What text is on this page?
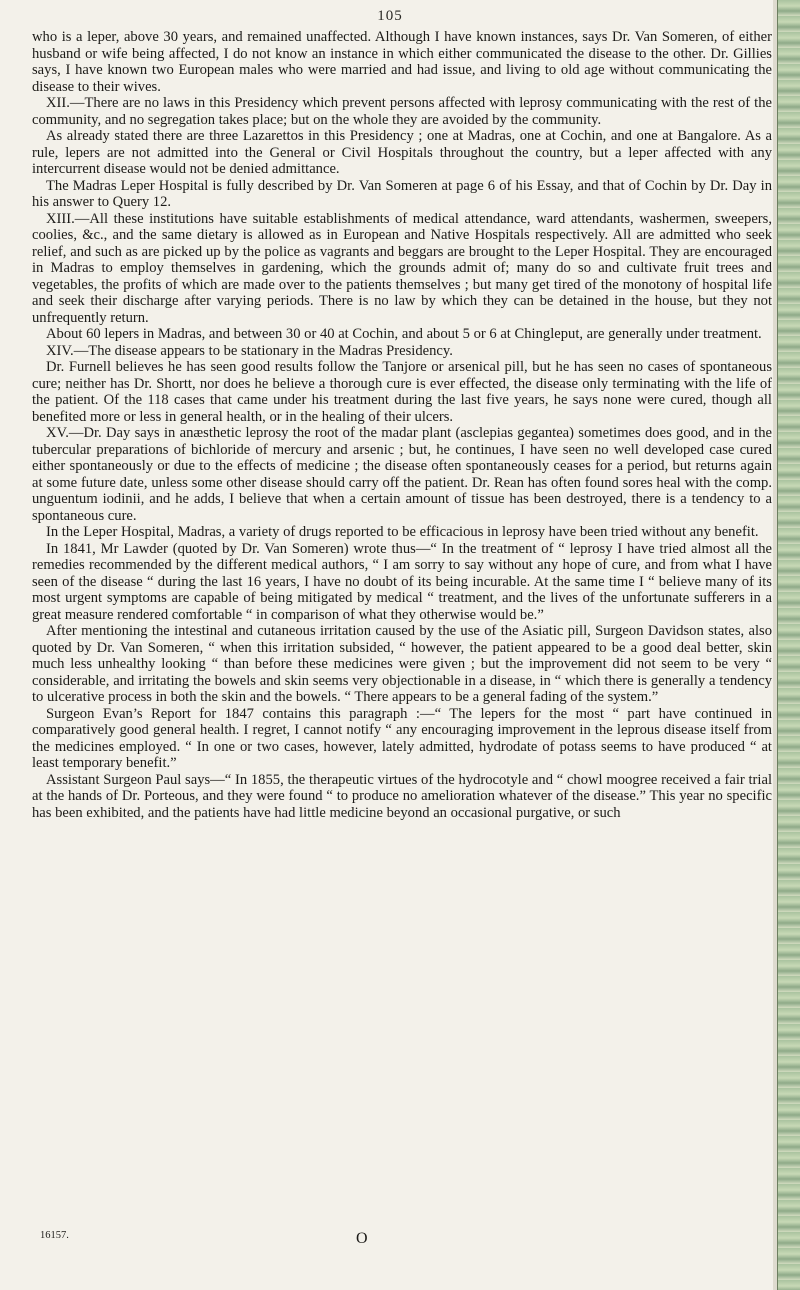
105

who is a leper, above 30 years, and remained unaffected. Although I have known instances, says Dr. Van Someren, of either husband or wife being affected, I do not know an instance in which either communicated the disease to the other. Dr. Gillies says, I have known two European males who were married and had issue, and living to old age without communicating the disease to their wives.

XII.—There are no laws in this Presidency which prevent persons affected with leprosy communicating with the rest of the community, and no segregation takes place; but on the whole they are avoided by the community.

As already stated there are three Lazarettos in this Presidency ; one at Madras, one at Cochin, and one at Bangalore. As a rule, lepers are not admitted into the General or Civil Hospitals throughout the country, but a leper affected with any intercurrent disease would not be denied admittance.

The Madras Leper Hospital is fully described by Dr. Van Someren at page 6 of his Essay, and that of Cochin by Dr. Day in his answer to Query 12.

XIII.—All these institutions have suitable establishments of medical attendance, ward attendants, washermen, sweepers, coolies, &c., and the same dietary is allowed as in European and Native Hospitals respectively. All are admitted who seek relief, and such as are picked up by the police as vagrants and beggars are brought to the Leper Hospital. They are encouraged in Madras to employ themselves in gardening, which the grounds admit of; many do so and cultivate fruit trees and vegetables, the profits of which are made over to the patients themselves ; but many get tired of the monotony of hospital life and seek their discharge after varying periods. There is no law by which they can be detained in the house, but they not unfrequently return.

About 60 lepers in Madras, and between 30 or 40 at Cochin, and about 5 or 6 at Chingleput, are generally under treatment.

XIV.—The disease appears to be stationary in the Madras Presidency.

Dr. Furnell believes he has seen good results follow the Tanjore or arsenical pill, but he has seen no cases of spontaneous cure; neither has Dr. Shortt, nor does he believe a thorough cure is ever effected, the disease only terminating with the life of the patient. Of the 118 cases that came under his treatment during the last five years, he says none were cured, though all benefited more or less in general health, or in the healing of their ulcers.

XV.—Dr. Day says in anæsthetic leprosy the root of the madar plant (asclepias gegantea) sometimes does good, and in the tubercular preparations of bichloride of mercury and arsenic ; but, he continues, I have seen no well developed case cured either spontaneously or due to the effects of medicine ; the disease often spontaneously ceases for a period, but returns again at some future date, unless some other disease should carry off the patient. Dr. Rean has often found sores heal with the comp. unguentum iodinii, and he adds, I believe that when a certain amount of tissue has been destroyed, there is a tendency to a spontaneous cure.

In the Leper Hospital, Madras, a variety of drugs reported to be efficacious in leprosy have been tried without any benefit.

In 1841, Mr Lawder (quoted by Dr. Van Someren) wrote thus—“ In the treatment of “ leprosy I have tried almost all the remedies recommended by the different medical authors, “ I am sorry to say without any hope of cure, and from what I have seen of the disease “ during the last 16 years, I have no doubt of its being incurable. At the same time I “ believe many of its most urgent symptoms are capable of being mitigated by medical “ treatment, and the lives of the unfortunate sufferers in a great measure rendered comfortable “ in comparison of what they otherwise would be.”

After mentioning the intestinal and cutaneous irritation caused by the use of the Asiatic pill, Surgeon Davidson states, also quoted by Dr. Van Someren, “ when this irritation subsided, “ however, the patient appeared to be a good deal better, skin much less unhealthy looking “ than before these medicines were given ; but the improvement did not seem to be very “ considerable, and irritating the bowels and skin seems very objectionable in a disease, in “ which there is generally a tendency to ulcerative process in both the skin and the bowels. “ There appears to be a general fading of the system.”

Surgeon Evan’s Report for 1847 contains this paragraph :—“ The lepers for the most “ part have continued in comparatively good general health. I regret, I cannot notify “ any encouraging improvement in the leprous disease itself from the medicines employed. “ In one or two cases, however, lately admitted, hydrodate of potass seems to have produced “ at least temporary benefit.”

Assistant Surgeon Paul says—“ In 1855, the therapeutic virtues of the hydrocotyle and “ chowl moogree received a fair trial at the hands of Dr. Porteous, and they were found “ to produce no amelioration whatever of the disease.” This year no specific has been exhibited, and the patients have had little medicine beyond an occasional purgative, or such

16157.	O
